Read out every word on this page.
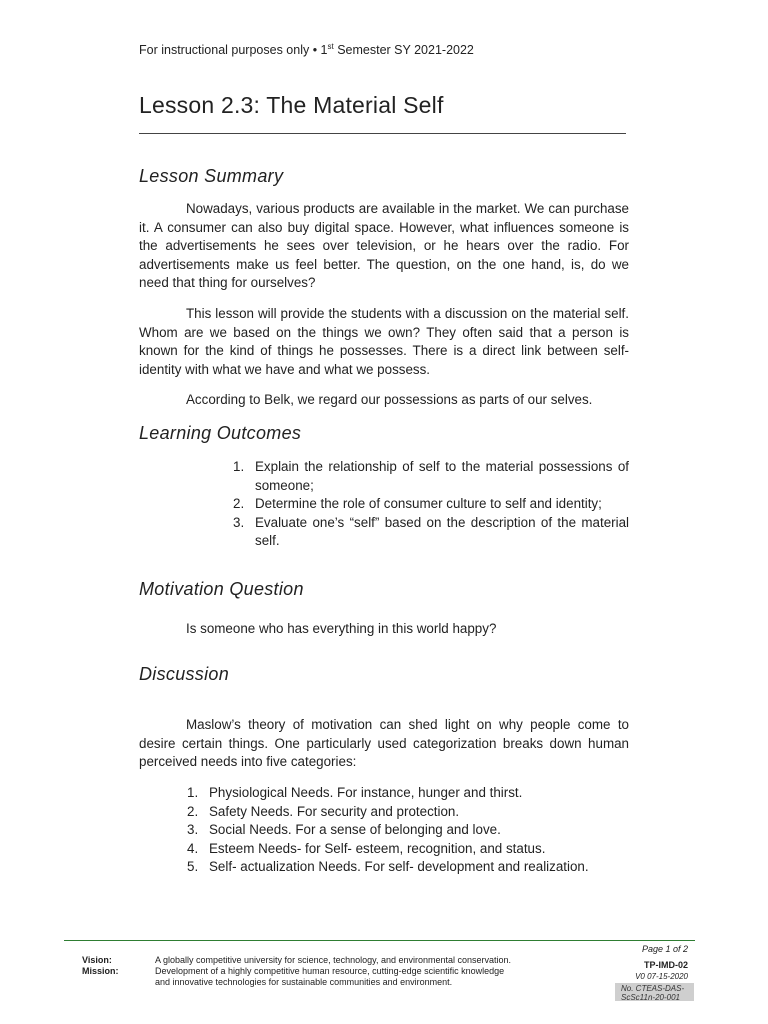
For instructional purposes only • 1st Semester SY 2021-2022
Lesson 2.3: The Material Self
Lesson Summary

Nowadays, various products are available in the market. We can purchase it. A consumer can also buy digital space. However, what influences someone is the advertisements he sees over television, or he hears over the radio. For advertisements make us feel better. The question, on the one hand, is, do we need that thing for ourselves?

This lesson will provide the students with a discussion on the material self. Whom are we based on the things we own? They often said that a person is known for the kind of things he possesses. There is a direct link between self- identity with what we have and what we possess.

According to Belk, we regard our possessions as parts of our selves.

Learning Outcomes
1. Explain the relationship of self to the material possessions of someone;
2. Determine the role of consumer culture to self and identity;
3. Evaluate one’s “self” based on the description of the material self.
Motivation Question

Is someone who has everything in this world happy?

Discussion

Maslow’s theory of motivation can shed light on why people come to desire certain things. One particularly used categorization breaks down human perceived needs into five categories:

1. Physiological Needs. For instance, hunger and thirst.
2. Safety Needs. For security and protection.
3. Social Needs. For a sense of belonging and love.
4. Esteem Needs- for Self- esteem, recognition, and status.
5. Self- actualization Needs. For self- development and realization.
Vision:
Mission:
A globally competitive university for science, technology, and environmental conservation.
Development of a highly competitive human resource, cutting-edge scientific knowledge
and innovative technologies for sustainable communities and environment.
Page 1 of 2
TP-IMD-02
V0 07-15-2020
No. CTEAS-DAS-
ScSc11n-20-001
